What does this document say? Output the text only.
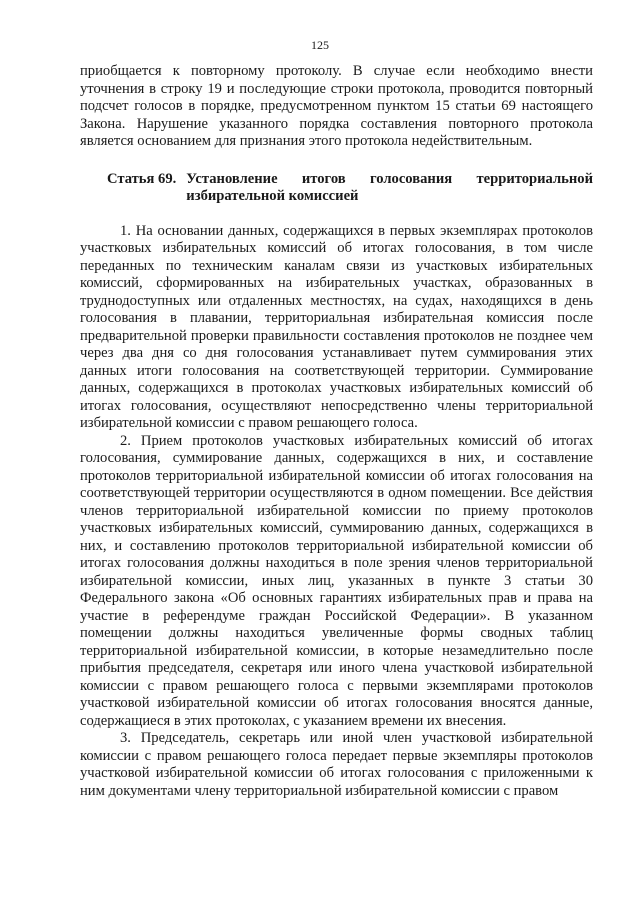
125

приобщается к повторному протоколу. В случае если необходимо внести уточнения в строку 19 и последующие строки протокола, проводится повторный подсчет голосов в порядке, предусмотренном пунктом 15 статьи 69 настоящего Закона. Нарушение указанного порядка составления повторного протокола является основанием для признания этого протокола недействительным.

Статья 69. Установление итогов голосования территориальной избирательной комиссией

1. На основании данных, содержащихся в первых экземплярах протоколов участковых избирательных комиссий об итогах голосования, в том числе переданных по техническим каналам связи из участковых избирательных комиссий, сформированных на избирательных участках, образованных в труднодоступных или отдаленных местностях, на судах, находящихся в день голосования в плавании, территориальная избирательная комиссия после предварительной проверки правильности составления протоколов не позднее чем через два дня со дня голосования устанавливает путем суммирования этих данных итоги голосования на соответствующей территории. Суммирование данных, содержащихся в протоколах участковых избирательных комиссий об итогах голосования, осуществляют непосредственно члены территориальной избирательной комиссии с правом решающего голоса.

2. Прием протоколов участковых избирательных комиссий об итогах голосования, суммирование данных, содержащихся в них, и составление протоколов территориальной избирательной комиссии об итогах голосования на соответствующей территории осуществляются в одном помещении. Все действия членов территориальной избирательной комиссии по приему протоколов участковых избирательных комиссий, суммированию данных, содержащихся в них, и составлению протоколов территориальной избирательной комиссии об итогах голосования должны находиться в поле зрения членов территориальной избирательной комиссии, иных лиц, указанных в пункте 3 статьи 30 Федерального закона «Об основных гарантиях избирательных прав и права на участие в референдуме граждан Российской Федерации». В указанном помещении должны находиться увеличенные формы сводных таблиц территориальной избирательной комиссии, в которые незамедлительно после прибытия председателя, секретаря или иного члена участковой избирательной комиссии с правом решающего голоса с первыми экземплярами протоколов участковой избирательной комиссии об итогах голосования вносятся данные, содержащиеся в этих протоколах, с указанием времени их внесения.

3. Председатель, секретарь или иной член участковой избирательной комиссии с правом решающего голоса передает первые экземпляры протоколов участковой избирательной комиссии об итогах голосования с приложенными к ним документами члену территориальной избирательной комиссии с правом
